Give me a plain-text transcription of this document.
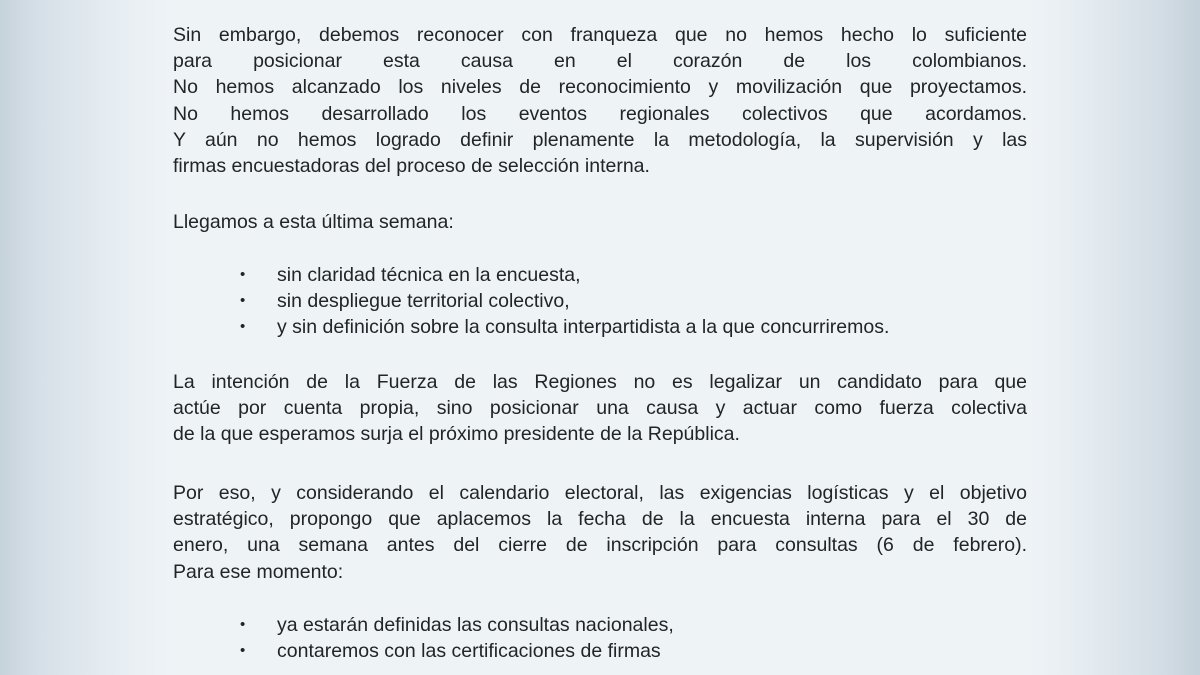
Sin embargo, debemos reconocer con franqueza que no hemos hecho lo suficiente
para posicionar esta causa en el corazón de los colombianos.
No hemos alcanzado los niveles de reconocimiento y movilización que proyectamos.
No hemos desarrollado los eventos regionales colectivos que acordamos.
Y aún no hemos logrado definir plenamente la metodología, la supervisión y las
firmas encuestadoras del proceso de selección interna.
Llegamos a esta última semana:
• sin claridad técnica en la encuesta,
• sin despliegue territorial colectivo,
• y sin definición sobre la consulta interpartidista a la que concurriremos.
La intención de la Fuerza de las Regiones no es legalizar un candidato para que
actúe por cuenta propia, sino posicionar una causa y actuar como fuerza colectiva
de la que esperamos surja el próximo presidente de la República.
Por eso, y considerando el calendario electoral, las exigencias logísticas y el objetivo
estratégico, propongo que aplacemos la fecha de la encuesta interna para el 30 de
enero, una semana antes del cierre de inscripción para consultas (6 de febrero).
Para ese momento:
• ya estarán definidas las consultas nacionales,
• contaremos con las certificaciones de firmas
